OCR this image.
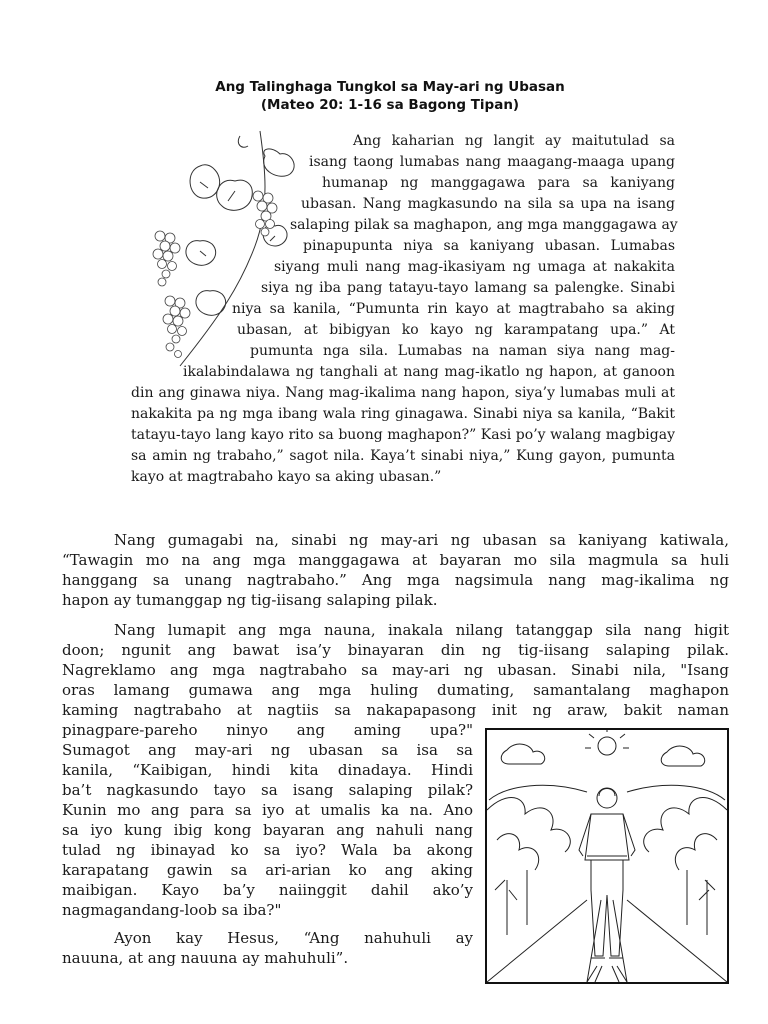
Ang Talinghaga Tungkol sa May-ari ng Ubasan
(Mateo 20: 1-16 sa Bagong Tipan)
Ang kaharian ng langit ay maitutulad sa
isang taong lumabas nang maagang-maaga upang
humanap ng manggagawa para sa kaniyang
ubasan. Nang magkasundo na sila sa upa na isang
salaping pilak sa maghapon, ang mga manggagawa ay
pinapupunta niya sa kaniyang ubasan. Lumabas
siyang muli nang mag-ikasiyam ng umaga at nakakita
siya ng iba pang tatayu-tayo lamang sa palengke. Sinabi
niya sa kanila, “Pumunta rin kayo at magtrabaho sa aking
ubasan, at bibigyan ko kayo ng karampatang upa.” At
pumunta nga sila. Lumabas na naman siya nang mag-
ikalabindalawa ng tanghali at nang mag-ikatlo ng hapon, at ganoon
din ang ginawa niya. Nang mag-ikalima nang hapon, siya’y lumabas muli at
nakakita pa ng mga ibang wala ring ginagawa. Sinabi niya sa kanila, “Bakit
tatayu-tayo lang kayo rito sa buong maghapon?” Kasi po’y walang magbigay
sa amin ng trabaho,” sagot nila. Kaya’t sinabi niya,” Kung gayon, pumunta
kayo at magtrabaho kayo sa aking ubasan.”
Nang gumagabi na, sinabi ng may-ari ng ubasan sa kaniyang katiwala,
“Tawagin mo na ang mga manggagawa at bayaran mo sila magmula sa huli
hanggang sa unang nagtrabaho.” Ang mga nagsimula nang mag-ikalima ng
hapon ay tumanggap ng tig-iisang salaping pilak.
Nang lumapit ang mga nauna, inakala nilang tatanggap sila nang higit
doon; ngunit ang bawat isa’y binayaran din ng tig-iisang salaping pilak.
Nagreklamo ang mga nagtrabaho sa may-ari ng ubasan. Sinabi nila, "Isang
oras lamang gumawa ang mga huling dumating, samantalang maghapon
kaming nagtrabaho at nagtiis sa nakapapasong init ng araw, bakit naman
pinagpare-pareho ninyo ang aming upa?"
Sumagot ang may-ari ng ubasan sa isa sa
kanila, “Kaibigan, hindi kita dinadaya. Hindi
ba’t nagkasundo tayo sa isang salaping pilak?
Kunin mo ang para sa iyo at umalis ka na. Ano
sa iyo kung ibig kong bayaran ang nahuli nang
tulad ng ibinayad ko sa iyo? Wala ba akong
karapatang gawin sa ari-arian ko ang aking
maibigan. Kayo ba’y naiinggit dahil ako’y
nagmagandang-loob sa iba?"
Ayon kay Hesus, “Ang nahuhuli ay
nauuna, at ang nauuna ay mahuhuli”.
